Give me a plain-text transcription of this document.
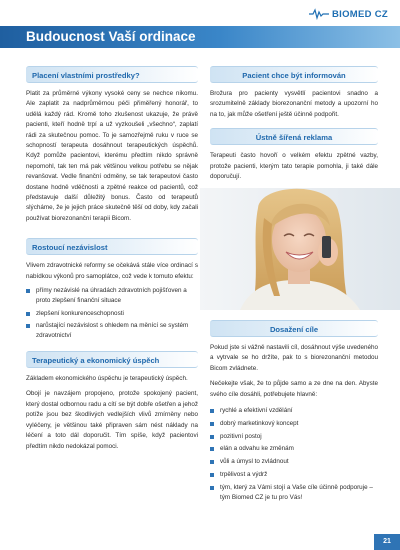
BIOMED CZ
Budoucnost Vaší ordinace
Placení vlastními prostředky?

Platit za průměrné výkony vysoké ceny se nechce nikomu. Ale zaplatit za nadprůměrnou péči přiměřený honorář, to udělá každý rád. Kromě toho zkušenost ukazuje, že právě pacienti, kteří hodně trpí a už vyzkoušeli „všechno“, zaplatí rádi za skutečnou pomoc. To je samozřejmě ruku v ruce se schopností terapeuta dosáhnout terapeutických úspěchů. Když pomůže pacientovi, kterému předtím nikdo správně nepomohl, tak ten má pak většinou velkou potřebu se nějak revanšovat. Vedle finanční odměny, se tak terapeutovi často dostane hodně vděčnosti a zpětné reakce od pacientů, což představuje další důležitý bonus. Často od terapeutů slýcháme, že je jejich práce skutečně těší od doby, kdy začali používat biorezonanční terapii Bicom.

Rostoucí nezávislost

Vlivem zdravotnické reformy se očekává stále více ordinací s nabídkou výkonů pro samoplátce, což vede k tomuto efektu:

přímy nezávislé na úhradách zdravotních pojišťoven a proto zlepšení finanční situace
zlepšení konkurenceschopnosti
narůstající nezávislost s ohledem na měnící se systém zdravotnictví
Terapeutický a ekonomický úspěch

Základem ekonomického úspěchu je terapeutický úspěch.

Obojí je navzájem propojeno, protože spokojený pacient, který dostal odbornou radu a cítí se být dobře ošetřen a jehož potíže jsou bez škodlivých vedlejších vlivů zmírněny nebo vyléčeny, je většinou také připraven sám nést náklady na léčení a toto dál doporučit. Tím spíše, když pacientovi předtím nikdo nedokázal pomoci.

Pacient chce být informován

Brožura pro pacienty vysvětlí pacientovi snadno a srozumitelně základy biorezonanční metody a upozorní ho na to, jak může ošetření ještě účinně podpořit.

Ústně šířená reklama

Terapeuti často hovoří o velkém efektu zpětné vazby, protože pacienti, kterým tato terapie pomohla, ji také dále doporučují.

Dosažení cíle

Pokud jste si vážně nastavili cíl, dosáhnout výše uvedeného a vytrvale se ho držíte, pak to s biorezonanční metodou Bicom zvládnete.

Nečekejte však, že to půjde samo a ze dne na den. Abyste svého cíle dosáhli, potřebujete hlavně:

rychlé a efektivní vzdělání
dobrý marketinkový koncept
pozitivní postoj
elán a odvahu ke změnám
vůli a úmysl to zvládnout
trpělivost a výdrž
tým, který za Vámi stojí a Vaše cíle účinně podporuje – tým Biomed CZ je tu pro Vás!
21
